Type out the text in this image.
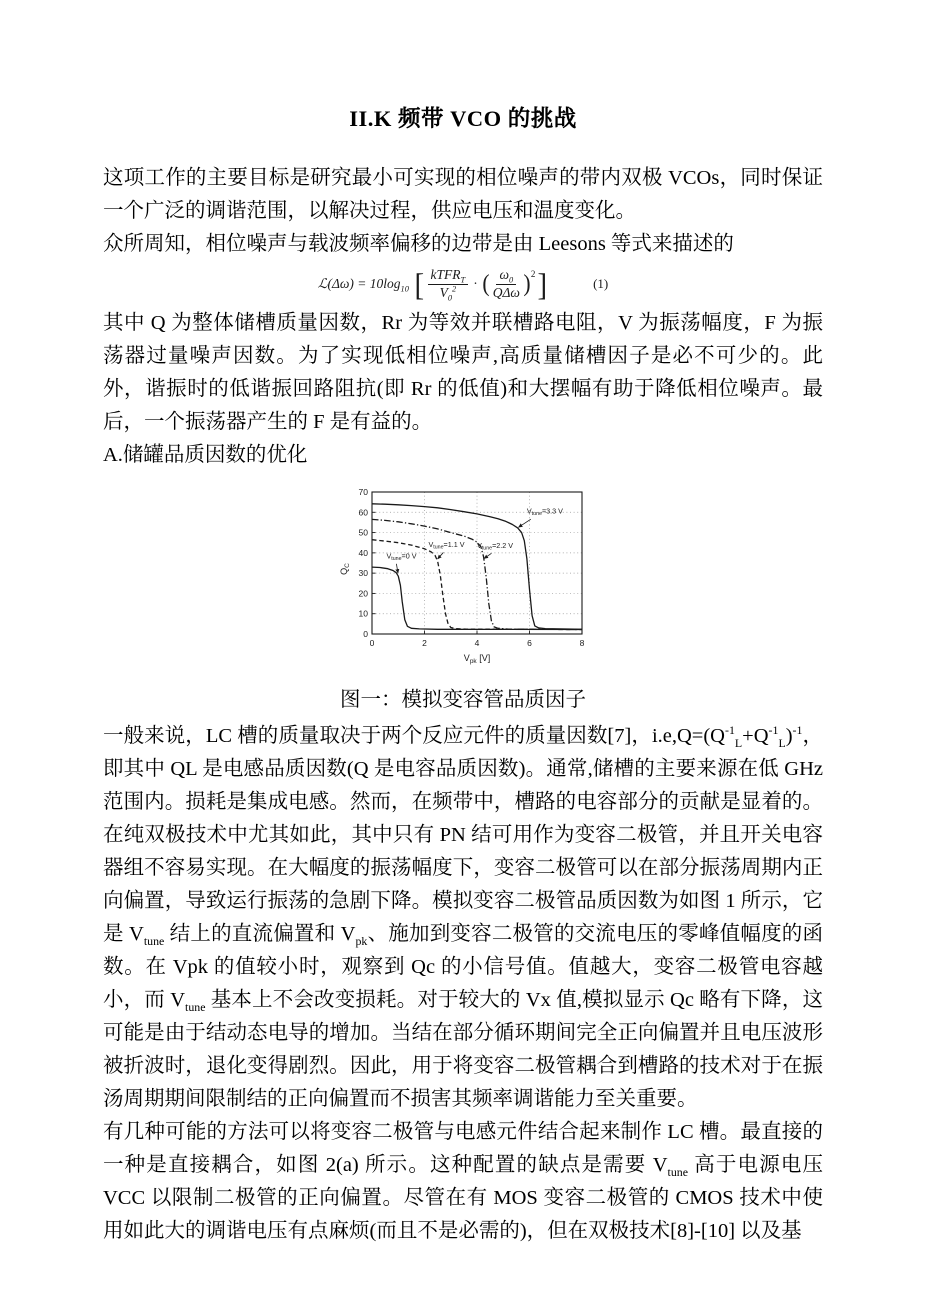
II.K 频带 VCO 的挑战

这项工作的主要目标是研究最小可实现的相位噪声的带内双极 VCOs，同时保证一个广泛的调谐范围，以解决过程，供应电压和温度变化。

众所周知，相位噪声与载波频率偏移的边带是由 Leesons 等式来描述的

ℒ(Δω) = $10\log_{10}$ [ $\frac{kTFR_T}{V_0^2}$ · ( $\frac{\omega_0}{\text{QΔω}}$ ) 2 ]	(1)

其中 Q 为整体储槽质量因数，Rr 为等效并联槽路电阻，V 为振荡幅度，F 为振荡器过量噪声因数。为了实现低相位噪声,高质量储槽因子是必不可少的。此外，谐振时的低谐振回路阻抗(即 Rr 的低值)和大摆幅有助于降低相位噪声。最后，一个振荡器产生的 F 是有益的。

A.储罐品质因数的优化

0	2	4	6	8
0
10
20
30
40
50
60
70
$V_{pk}$ [V]
$Q_C$
$V_{tune}=0$ V
$V_{tune}=1.1$ V $V_{tune}=2.2$ V
$V_{tune}=3.3$ V
图一：模拟变容管品质因子

一般来说，LC 槽的质量取决于两个反应元件的质量因数[7]，$i.e,Q=(Q^{-1}_L+Q^{-1}_L)^{-1}$，即其中 QL 是电感品质因数(Q 是电容品质因数)。通常,储槽的主要来源在低 GHz 范围内。损耗是集成电感。然而，在频带中，槽路的电容部分的贡献是显着的。在纯双极技术中尤其如此，其中只有 PN 结可用作为变容二极管，并且开关电容器组不容易实现。在大幅度的振荡幅度下，变容二极管可以在部分振荡周期内正向偏置，导致运行振荡的急剧下降。模拟变容二极管品质因数为如图 1 所示，它是 $V_{tune}$ 结上的直流偏置和 $V_{pk}$、施加到变容二极管的交流电压的零峰值幅度的函数。在 Vpk 的值较小时，观察到 Qc 的小信号值。值越大，变容二极管电容越小，而 $V_{tune}$ 基本上不会改变损耗。对于较大的 Vx 值,模拟显示 Qc 略有下降，这可能是由于结动态电导的增加。当结在部分循环期间完全正向偏置并且电压波形被折波时，退化变得剧烈。因此，用于将变容二极管耦合到槽路的技术对于在振汤周期期间限制结的正向偏置而不损害其频率调谐能力至关重要。

有几种可能的方法可以将变容二极管与电感元件结合起来制作 LC 槽。最直接的一种是直接耦合，如图 2(a) 所示。这种配置的缺点是需要 $V_{tune}$ 高于电源电压 VCC 以限制二极管的正向偏置。尽管在有 MOS 变容二极管的 CMOS 技术中使用如此大的调谐电压有点麻烦(而且不是必需的)，但在双极技术[8]-[10] 以及基
